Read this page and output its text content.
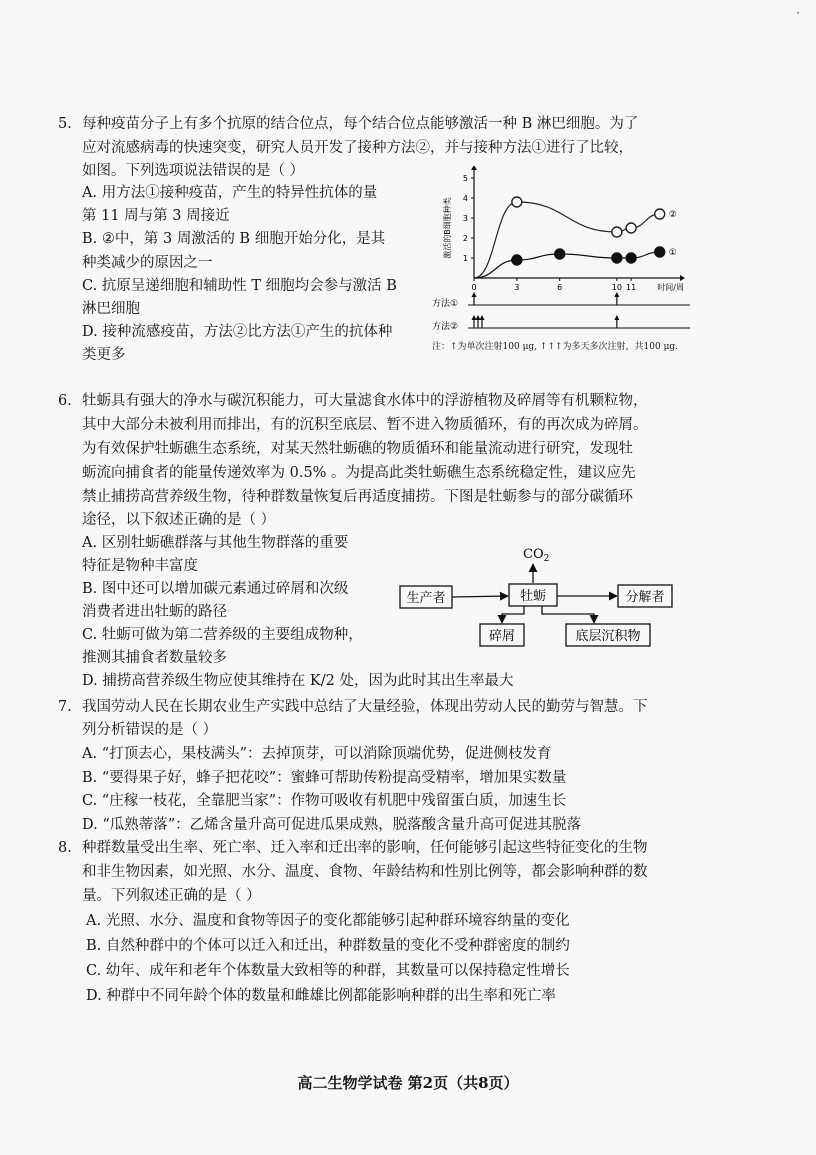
·
5. 每种疫苗分子上有多个抗原的结合位点，每个结合位点能够激活一种 B 淋巴细胞。为了
应对流感病毒的快速突变，研究人员开发了接种方法②，并与接种方法①进行了比较，
如图。下列选项说法错误的是（ ）
A. 用方法①接种疫苗，产生的特异性抗体的量
第 11 周与第 3 周接近
B. ②中，第 3 周激活的 B 细胞开始分化，是其
种类减少的原因之一
C. 抗原呈递细胞和辅助性 T 细胞均会参与激活 B
淋巴细胞
D. 接种流感疫苗，方法②比方法①产生的抗体种
类更多
1
2
3
4
5
0	3	6	10 11	时间/周
激活的B细胞种类	②
①
方法①
方法②
注：↑为单次注射100 μg, ↑↑↑为多天多次注射，共100 μg.
6. 牡蛎具有强大的净水与碳沉积能力，可大量滤食水体中的浮游植物及碎屑等有机颗粒物，
其中大部分未被利用而排出，有的沉积至底层、暂不进入物质循环，有的再次成为碎屑。
为有效保护牡蛎礁生态系统，对某天然牡蛎礁的物质循环和能量流动进行研究，发现牡
蛎流向捕食者的能量传递效率为 0.5% 。为提高此类牡蛎礁生态系统稳定性，建议应先
禁止捕捞高营养级生物，待种群数量恢复后再适度捕捞。下图是牡蛎参与的部分碳循环
途径，以下叙述正确的是（ ）
A. 区别牡蛎礁群落与其他生物群落的重要
特征是物种丰富度
B. 图中还可以增加碳元素通过碎屑和次级
消费者进出牡蛎的路径
C. 牡蛎可做为第二营养级的主要组成物种，
推测其捕食者数量较多
D. 捕捞高营养级生物应使其维持在 K/2 处，因为此时其出生率最大
$CO_2$
生产者	牡蛎	分解者
碎屑	底层沉积物
7. 我国劳动人民在长期农业生产实践中总结了大量经验，体现出劳动人民的勤劳与智慧。下
列分析错误的是（ ）
A. “打顶去心，果枝满头”：去掉顶芽，可以消除顶端优势，促进侧枝发育
B. “要得果子好，蜂子把花咬”：蜜蜂可帮助传粉提高受精率，增加果实数量
C. “庄稼一枝花，全靠肥当家”：作物可吸收有机肥中残留蛋白质，加速生长
D. “瓜熟蒂落”：乙烯含量升高可促进瓜果成熟，脱落酸含量升高可促进其脱落
8. 种群数量受出生率、死亡率、迁入率和迁出率的影响，任何能够引起这些特征变化的生物
和非生物因素，如光照、水分、温度、食物、年龄结构和性别比例等，都会影响种群的数
量。下列叙述正确的是（ ）
A. 光照、水分、温度和食物等因子的变化都能够引起种群环境容纳量的变化
B. 自然种群中的个体可以迁入和迁出，种群数量的变化不受种群密度的制约
C. 幼年、成年和老年个体数量大致相等的种群，其数量可以保持稳定性增长
D. 种群中不同年龄个体的数量和雌雄比例都能影响种群的出生率和死亡率
高二生物学试卷 第2页（共8页）
